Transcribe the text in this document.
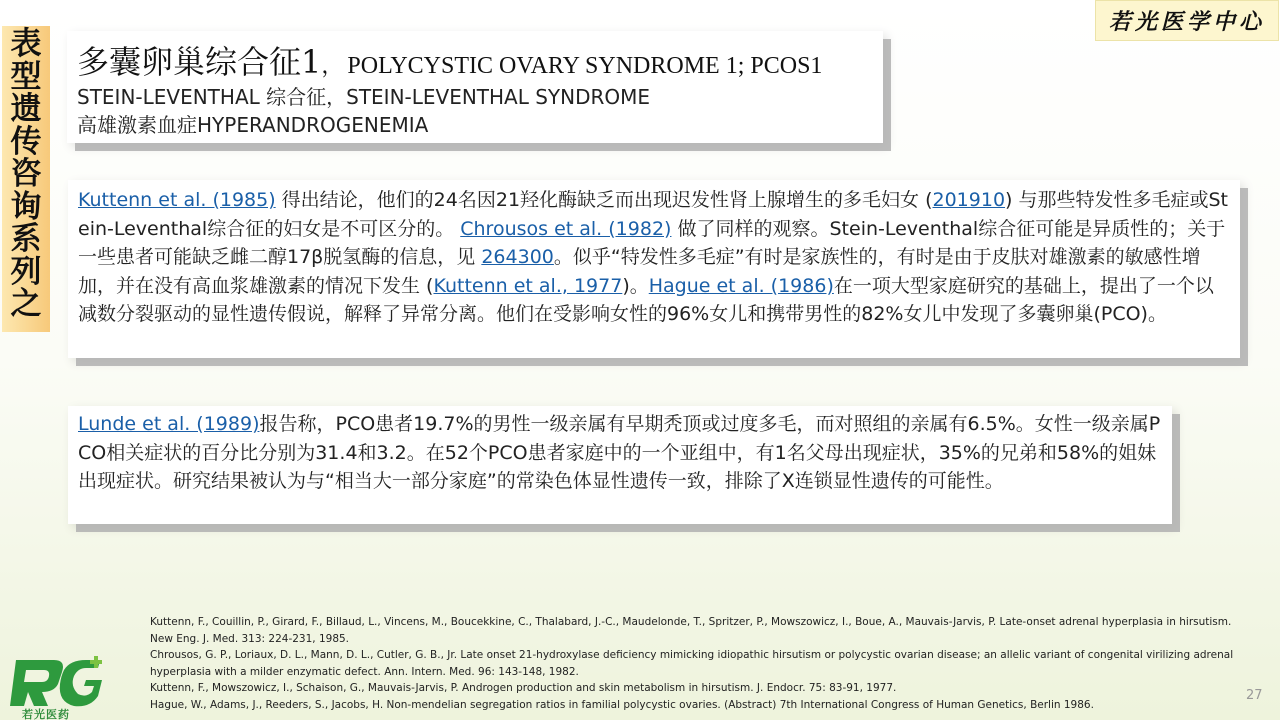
表
型
遗
传
咨
询
系
列
之
若光医学中心
多囊卵巢综合征1 ， POLYCYSTIC OVARY SYNDROME 1; PCOS1
STEIN-LEVENTHAL 综合征，STEIN-LEVENTHAL SYNDROME
高雄激素血症HYPERANDROGENEMIA
Kuttenn et al. (1985) 得出结论，他们的24名因21羟化酶缺乏而出现迟发性肾上腺增生的多毛妇女 (201910) 与那些特发性多毛症或Stein-Leventhal综合征的妇女是不可区分的。 Chrousos et al. (1982) 做了同样的观察。Stein-Leventhal综合征可能是异质性的；关于一些患者可能缺乏雌二醇17β脱氢酶的信息，见 264300。似乎“特发性多毛症”有时是家族性的，有时是由于皮肤对雄激素的敏感性增加，并在没有高血浆雄激素的情况下发生 (Kuttenn et al., 1977)。Hague et al. (1986)在一项大型家庭研究的基础上，提出了一个以减数分裂驱动的显性遗传假说，解释了异常分离。他们在受影响女性的96%女儿和携带男性的82%女儿中发现了多囊卵巢(PCO)。
Lunde et al. (1989)报告称，PCO患者19.7%的男性一级亲属有早期秃顶或过度多毛，而对照组的亲属有6.5%。女性一级亲属PCO相关症状的百分比分别为31.4和3.2。在52个PCO患者家庭中的一个亚组中，有1名父母出现症状，35%的兄弟和58%的姐妹出现症状。研究结果被认为与“相当大一部分家庭”的常染色体显性遗传一致，排除了X连锁显性遗传的可能性。

Kuttenn, F., Couillin, P., Girard, F., Billaud, L., Vincens, M., Boucekkine, C., Thalabard, J.-C., Maudelonde, T., Spritzer, P., Mowszowicz, I., Boue, A., Mauvais-Jarvis, P. Late-onset adrenal hyperplasia in hirsutism. New Eng. J. Med. 313: 224-231, 1985.

Chrousos, G. P., Loriaux, D. L., Mann, D. L., Cutler, G. B., Jr. Late onset 21-hydroxylase deficiency mimicking idiopathic hirsutism or polycystic ovarian disease; an allelic variant of congenital virilizing adrenal hyperplasia with a milder enzymatic defect. Ann. Intern. Med. 96: 143-148, 1982.

Kuttenn, F., Mowszowicz, I., Schaison, G., Mauvais-Jarvis, P. Androgen production and skin metabolism in hirsutism. J. Endocr. 75: 83-91, 1977.

Hague, W., Adams, J., Reeders, S., Jacobs, H. Non-mendelian segregation ratios in familial polycystic ovaries. (Abstract) 7th International Congress of Human Genetics, Berlin 1986.

若光医药
27
